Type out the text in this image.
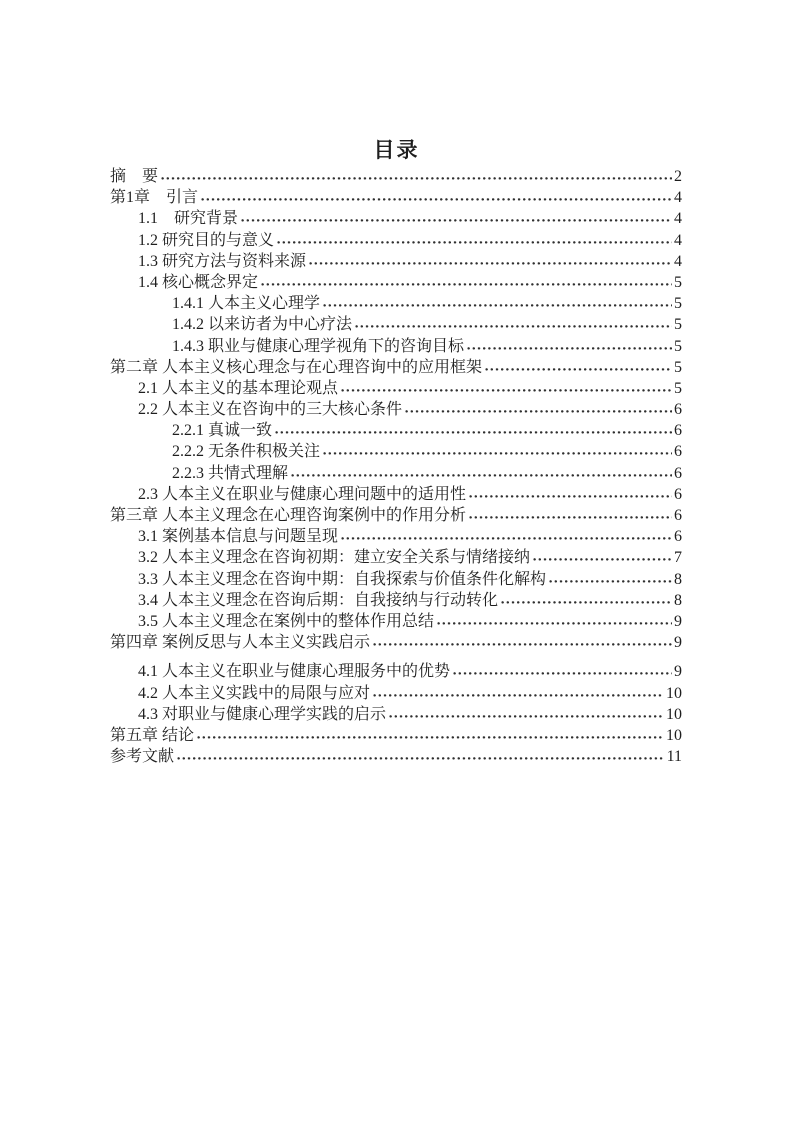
目录
摘　要	2
第1章　引言	4
1.1　研究背景	4
1.2 研究目的与意义	4
1.3 研究方法与资料来源	4
1.4 核心概念界定	5
1.4.1 人本主义心理学	5
1.4.2 以来访者为中心疗法	5
1.4.3 职业与健康心理学视角下的咨询目标	5
第二章 人本主义核心理念与在心理咨询中的应用框架	5
2.1 人本主义的基本理论观点	5
2.2 人本主义在咨询中的三大核心条件	6
2.2.1 真诚一致	6
2.2.2 无条件积极关注	6
2.2.3 共情式理解	6
2.3 人本主义在职业与健康心理问题中的适用性	6
第三章 人本主义理念在心理咨询案例中的作用分析	6
3.1 案例基本信息与问题呈现	6
3.2 人本主义理念在咨询初期：建立安全关系与情绪接纳	7
3.3 人本主义理念在咨询中期：自我探索与价值条件化解构	8
3.4 人本主义理念在咨询后期：自我接纳与行动转化	8
3.5 人本主义理念在案例中的整体作用总结	9
第四章 案例反思与人本主义实践启示	9
4.1 人本主义在职业与健康心理服务中的优势	9
4.2 人本主义实践中的局限与应对	10
4.3 对职业与健康心理学实践的启示	10
第五章 结论	10
参考文献	11
